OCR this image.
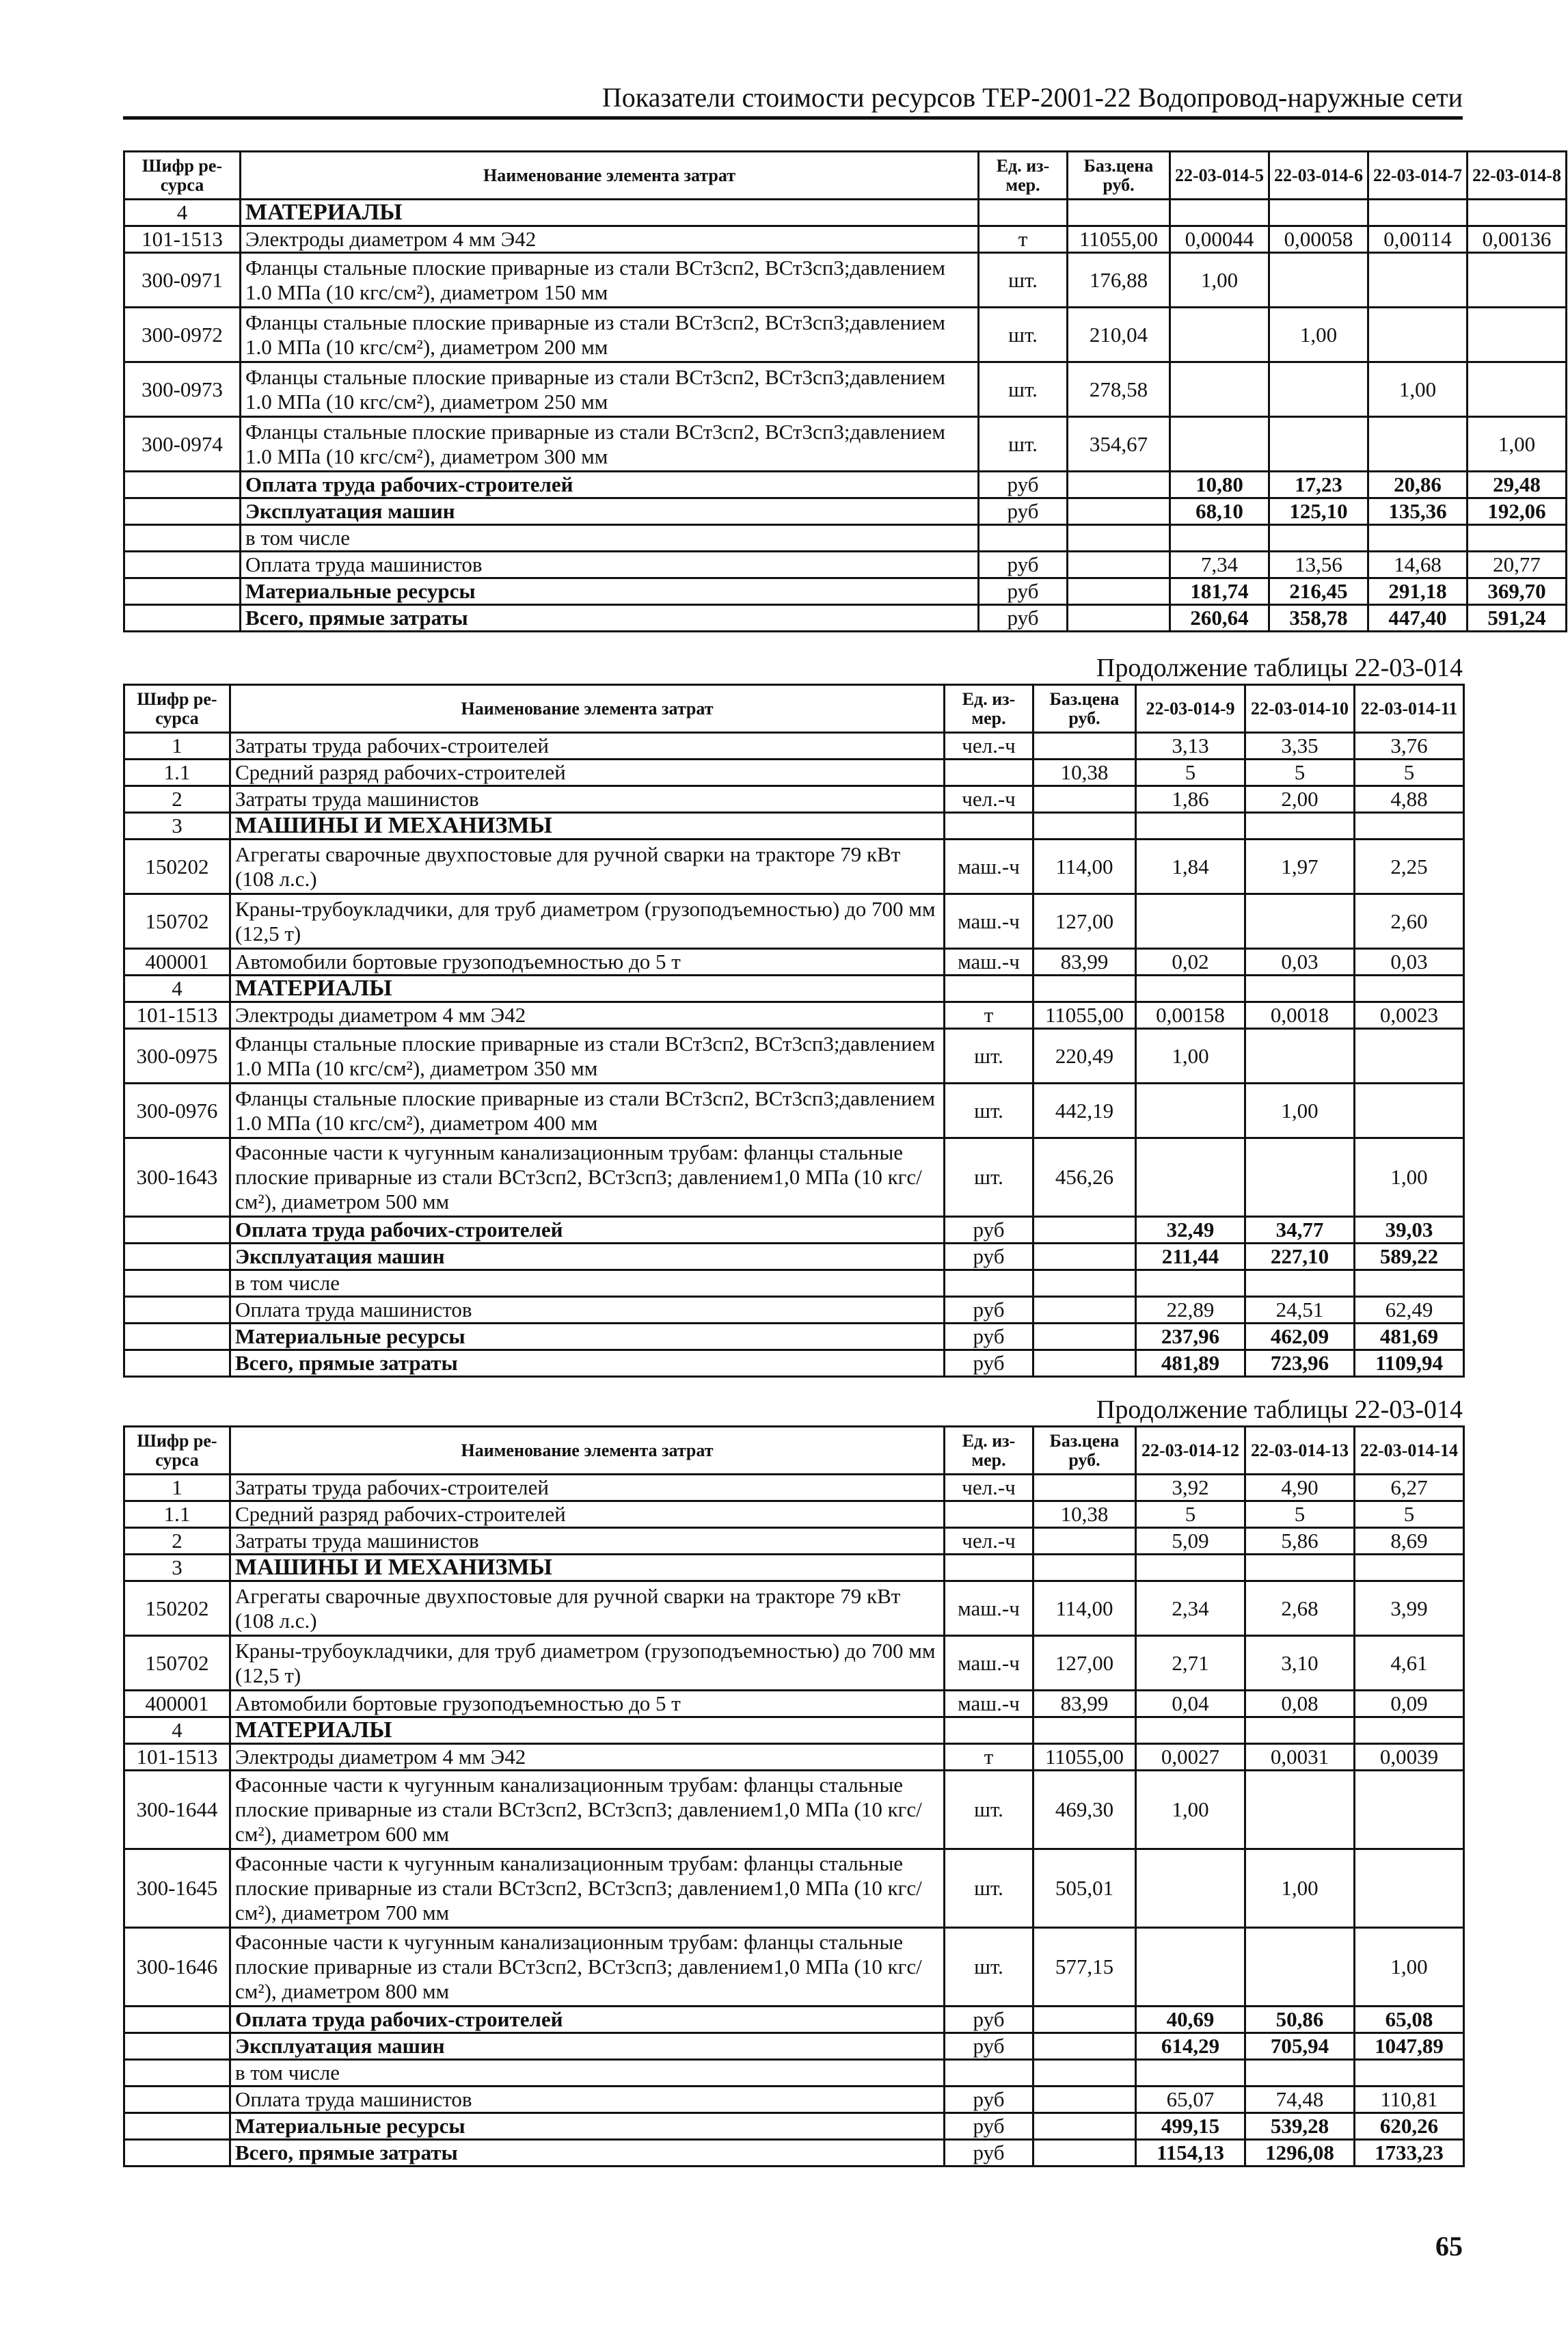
Показатели стоимости ресурсов ТЕР-2001-22 Водопровод-наружные сети
Шифр ре-сурса	Наименование элемента затрат	Ед. из-мер.	Баз.цена руб.	22-03-014-5	22-03-014-6	22-03-014-7	22-03-014-8
4	МАТЕРИАЛЫ						
101-1513	Электроды диаметром 4 мм Э42	т	11055,00	0,00044	0,00058	0,00114	0,00136
300-0971	Фланцы стальные плоские приварные из стали ВСт3сп2, ВСт3сп3;давлением 1.0 МПа (10 кгс/см²), диаметром 150 мм	шт.	176,88	1,00			
300-0972	Фланцы стальные плоские приварные из стали ВСт3сп2, ВСт3сп3;давлением 1.0 МПа (10 кгс/см²), диаметром 200 мм	шт.	210,04		1,00		
300-0973	Фланцы стальные плоские приварные из стали ВСт3сп2, ВСт3сп3;давлением 1.0 МПа (10 кгс/см²), диаметром 250 мм	шт.	278,58			1,00	
300-0974	Фланцы стальные плоские приварные из стали ВСт3сп2, ВСт3сп3;давлением 1.0 МПа (10 кгс/см²), диаметром 300 мм	шт.	354,67				1,00
	Оплата труда рабочих-строителей	руб		10,80	17,23	20,86	29,48
	Эксплуатация машин	руб		68,10	125,10	135,36	192,06
	в том числе						
	Оплата труда машинистов	руб		7,34	13,56	14,68	20,77
	Материальные ресурсы	руб		181,74	216,45	291,18	369,70
	Всего, прямые затраты	руб		260,64	358,78	447,40	591,24
Продолжение таблицы 22-03-014
Шифр ре-сурса	Наименование элемента затрат	Ед. из-мер.	Баз.цена руб.	22-03-014-9	22-03-014-10	22-03-014-11
1	Затраты труда рабочих-строителей	чел.-ч		3,13	3,35	3,76
1.1	Средний разряд рабочих-строителей		10,38	5	5	5
2	Затраты труда машинистов	чел.-ч		1,86	2,00	4,88
3	МАШИНЫ И МЕХАНИЗМЫ					
150202	Агрегаты сварочные двухпостовые для ручной сварки на тракторе 79 кВт (108 л.с.)	маш.-ч	114,00	1,84	1,97	2,25
150702	Краны-трубоукладчики, для труб диаметром (грузоподъемностью) до 700 мм (12,5 т)	маш.-ч	127,00			2,60
400001	Автомобили бортовые грузоподъемностью до 5 т	маш.-ч	83,99	0,02	0,03	0,03
4	МАТЕРИАЛЫ					
101-1513	Электроды диаметром 4 мм Э42	т	11055,00	0,00158	0,0018	0,0023
300-0975	Фланцы стальные плоские приварные из стали ВСт3сп2, ВСт3сп3;давлением 1.0 МПа (10 кгс/см²), диаметром 350 мм	шт.	220,49	1,00		
300-0976	Фланцы стальные плоские приварные из стали ВСт3сп2, ВСт3сп3;давлением 1.0 МПа (10 кгс/см²), диаметром 400 мм	шт.	442,19		1,00	
300-1643	Фасонные части к чугунным канализационным трубам: фланцы стальные плоские приварные из стали ВСт3сп2, ВСт3сп3; давлением1,0 МПа (10 кгс/см²), диаметром 500 мм	шт.	456,26			1,00
	Оплата труда рабочих-строителей	руб		32,49	34,77	39,03
	Эксплуатация машин	руб		211,44	227,10	589,22
	в том числе					
	Оплата труда машинистов	руб		22,89	24,51	62,49
	Материальные ресурсы	руб		237,96	462,09	481,69
	Всего, прямые затраты	руб		481,89	723,96	1109,94
Продолжение таблицы 22-03-014
Шифр ре-сурса	Наименование элемента затрат	Ед. из-мер.	Баз.цена руб.	22-03-014-12	22-03-014-13	22-03-014-14
1	Затраты труда рабочих-строителей	чел.-ч		3,92	4,90	6,27
1.1	Средний разряд рабочих-строителей		10,38	5	5	5
2	Затраты труда машинистов	чел.-ч		5,09	5,86	8,69
3	МАШИНЫ И МЕХАНИЗМЫ					
150202	Агрегаты сварочные двухпостовые для ручной сварки на тракторе 79 кВт (108 л.с.)	маш.-ч	114,00	2,34	2,68	3,99
150702	Краны-трубоукладчики, для труб диаметром (грузоподъемностью) до 700 мм (12,5 т)	маш.-ч	127,00	2,71	3,10	4,61
400001	Автомобили бортовые грузоподъемностью до 5 т	маш.-ч	83,99	0,04	0,08	0,09
4	МАТЕРИАЛЫ					
101-1513	Электроды диаметром 4 мм Э42	т	11055,00	0,0027	0,0031	0,0039
300-1644	Фасонные части к чугунным канализационным трубам: фланцы стальные плоские приварные из стали ВСт3сп2, ВСт3сп3; давлением1,0 МПа (10 кгс/см²), диаметром 600 мм	шт.	469,30	1,00		
300-1645	Фасонные части к чугунным канализационным трубам: фланцы стальные плоские приварные из стали ВСт3сп2, ВСт3сп3; давлением1,0 МПа (10 кгс/см²), диаметром 700 мм	шт.	505,01		1,00	
300-1646	Фасонные части к чугунным канализационным трубам: фланцы стальные плоские приварные из стали ВСт3сп2, ВСт3сп3; давлением1,0 МПа (10 кгс/см²), диаметром 800 мм	шт.	577,15			1,00
	Оплата труда рабочих-строителей	руб		40,69	50,86	65,08
	Эксплуатация машин	руб		614,29	705,94	1047,89
	в том числе					
	Оплата труда машинистов	руб		65,07	74,48	110,81
	Материальные ресурсы	руб		499,15	539,28	620,26
	Всего, прямые затраты	руб		1154,13	1296,08	1733,23
65
